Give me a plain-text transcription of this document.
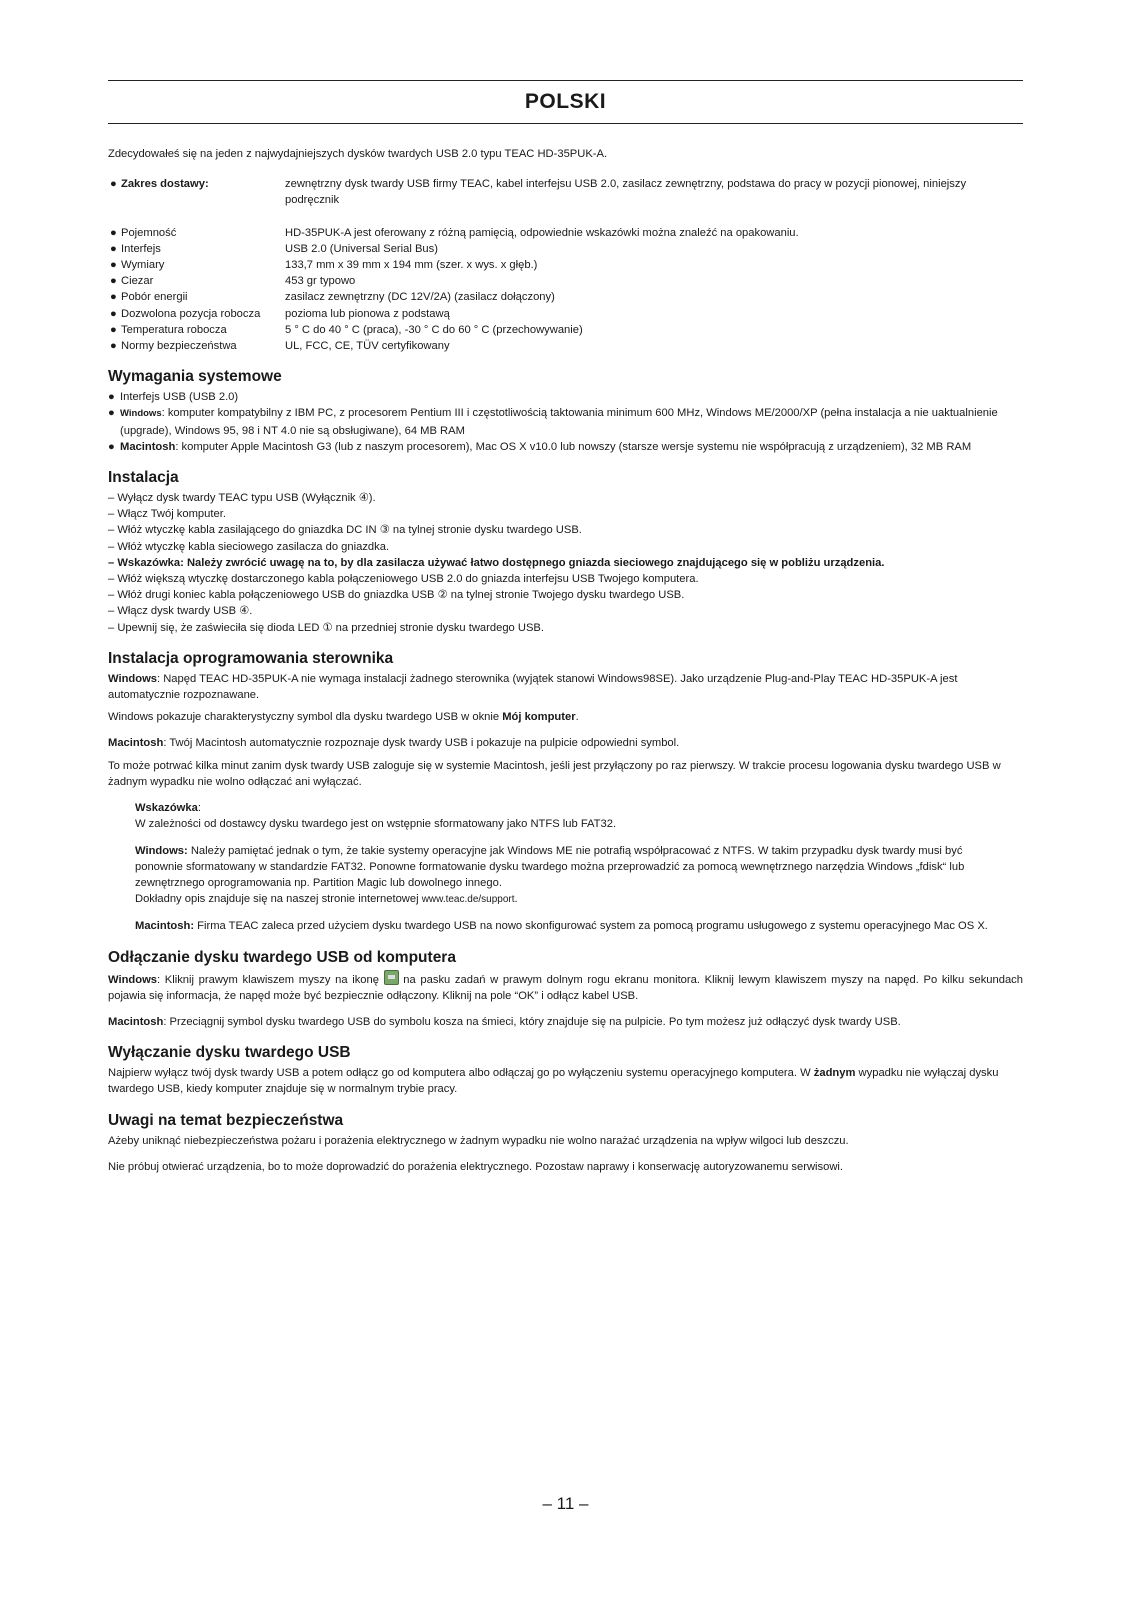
POLSKI

Zdecydowałeś się na jeden z najwydajniejszych dysków twardych USB 2.0 typu TEAC HD-35PUK-A.

● Zakres dostawy:	zewnętrzny dysk twardy USB firmy TEAC, kabel interfejsu USB 2.0, zasilacz zewnętrzny, podstawa do pracy w pozycji pionowej, niniejszy podręcznik
● Pojemność	HD-35PUK-A jest oferowany z różną pamięcią, odpowiednie wskazówki można znaleźć na opakowaniu.
● Interfejs	USB 2.0 (Universal Serial Bus)
● Wymiary	133,7 mm x 39 mm x 194 mm (szer. x wys. x głęb.)
● Ciezar	453 gr typowo
● Pobór energii	zasilacz zewnętrzny (DC 12V/2A) (zasilacz dołączony)
● Dozwolona pozycja robocza	pozioma lub pionowa z podstawą
● Temperatura robocza	5 ° C do 40 ° C (praca), -30 ° C do 60 ° C (przechowywanie)
● Normy bezpieczeństwa	UL, FCC, CE, TÜV certyfikowany
Wymagania systemowe
● Interfejs USB (USB 2.0)
● Windows: komputer kompatybilny z IBM PC, z procesorem Pentium III i częstotliwością taktowania minimum 600 MHz, Windows ME/2000/XP (pełna instalacja a nie uaktualnienie (upgrade), Windows 95, 98 i NT 4.0 nie są obsługiwane), 64 MB RAM
● Macintosh: komputer Apple Macintosh G3 (lub z naszym procesorem), Mac OS X v10.0 lub nowszy (starsze wersje systemu nie współpracują z urządzeniem), 32 MB RAM
Instalacja

– Wyłącz dysk twardy TEAC typu USB (Wyłącznik ④).

– Włącz Twój komputer.

– Włóż wtyczkę kabla zasilającego do gniazdka DC IN ③ na tylnej stronie dysku twardego USB.

– Włóż wtyczkę kabla sieciowego zasilacza do gniazdka.

– Wskazówka: Należy zwrócić uwagę na to, by dla zasilacza używać łatwo dostępnego gniazda sieciowego znajdującego się w pobliżu urządzenia.

– Włóż większą wtyczkę dostarczonego kabla połączeniowego USB 2.0 do gniazda interfejsu USB Twojego komputera.

– Włóż drugi koniec kabla połączeniowego USB do gniazdka USB ② na tylnej stronie Twojego dysku twardego USB.

– Włącz dysk twardy USB ④.

– Upewnij się, że zaświeciła się dioda LED ① na przedniej stronie dysku twardego USB.

Instalacja oprogramowania sterownika

Windows: Napęd TEAC HD-35PUK-A nie wymaga instalacji żadnego sterownika (wyjątek stanowi Windows98SE). Jako urządzenie Plug-and-Play TEAC HD-35PUK-A jest automatycznie rozpoznawane.

Windows pokazuje charakterystyczny symbol dla dysku twardego USB w oknie Mój komputer.

Macintosh: Twój Macintosh automatycznie rozpoznaje dysk twardy USB i pokazuje na pulpicie odpowiedni symbol.

To może potrwać kilka minut zanim dysk twardy USB zaloguje się w systemie Macintosh, jeśli jest przyłączony po raz pierwszy. W trakcie procesu logowania dysku twardego USB w żadnym wypadku nie wolno odłączać ani wyłączać.

Wskazówka:

W zależności od dostawcy dysku twardego jest on wstępnie sformatowany jako NTFS lub FAT32.

Windows: Należy pamiętać jednak o tym, że takie systemy operacyjne jak Windows ME nie potrafią współpracować z NTFS. W takim przypadku dysk twardy musi być ponownie sformatowany w standardzie FAT32. Ponowne formatowanie dysku twardego można przeprowadzić za pomocą wewnętrznego narzędzia Windows „fdisk“ lub zewnętrznego oprogramowania np. Partition Magic lub dowolnego innego.

Dokładny opis znajduje się na naszej stronie internetowej www.teac.de/support.

Macintosh: Firma TEAC zaleca przed użyciem dysku twardego USB na nowo skonfigurować system za pomocą programu usługowego z systemu operacyjnego Mac OS X.

Odłączanie dysku twardego USB od komputera

Windows: Kliknij prawym klawiszem myszy na ikonę  na pasku zadań w prawym dolnym rogu ekranu monitora. Kliknij lewym klawiszem myszy na napęd. Po kilku sekundach pojawia się informacja, że napęd może być bezpiecznie odłączony. Kliknij na pole “OK” i odłącz kabel USB.

Macintosh: Przeciągnij symbol dysku twardego USB do symbolu kosza na śmieci, który znajduje się na pulpicie. Po tym możesz już odłączyć dysk twardy USB.

Wyłączanie dysku twardego USB

Najpierw wyłącz twój dysk twardy USB a potem odłącz go od komputera albo odłączaj go po wyłączeniu systemu operacyjnego komputera. W żadnym wypadku nie wyłączaj dysku twardego USB, kiedy komputer znajduje się w normalnym trybie pracy.

Uwagi na temat bezpieczeństwa

Ażeby uniknąć niebezpieczeństwa pożaru i porażenia elektrycznego w żadnym wypadku nie wolno narażać urządzenia na wpływ wilgoci lub deszczu.

Nie próbuj otwierać urządzenia, bo to może doprowadzić do porażenia elektrycznego. Pozostaw naprawy i konserwację autoryzowanemu serwisowi.

– 11 –
